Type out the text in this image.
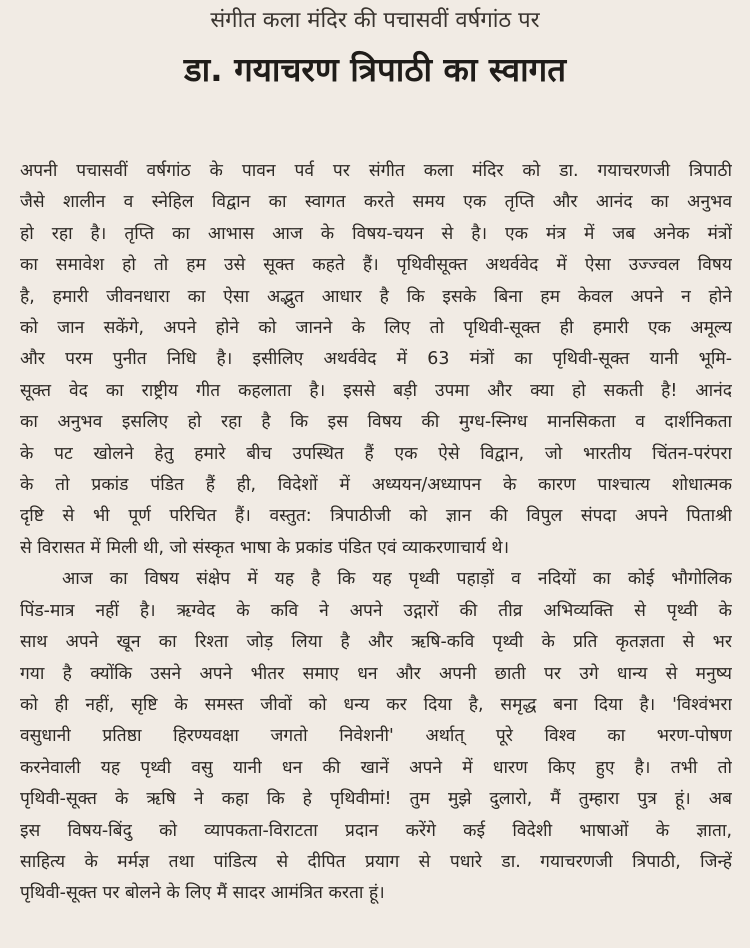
संगीत कला मंदिर की पचासवीं वर्षगांठ पर
डा. गयाचरण त्रिपाठी का स्वागत
अपनी पचासवीं वर्षगांठ के पावन पर्व पर संगीत कला मंदिर को डा. गयाचरणजी त्रिपाठी
जैसे शालीन व स्नेहिल विद्वान का स्वागत करते समय एक तृप्ति और आनंद का अनुभव
हो रहा है। तृप्ति का आभास आज के विषय-चयन से है। एक मंत्र में जब अनेक मंत्रों
का समावेश हो तो हम उसे सूक्त कहते हैं। पृथिवीसूक्त अथर्ववेद में ऐसा उज्ज्वल विषय
है, हमारी जीवनधारा का ऐसा अद्भुत आधार है कि इसके बिना हम केवल अपने न होने
को जान सकेंगे, अपने होने को जानने के लिए तो पृथिवी-सूक्त ही हमारी एक अमूल्य
और परम पुनीत निधि है। इसीलिए अथर्ववेद में 63 मंत्रों का पृथिवी-सूक्त यानी भूमि-
सूक्त वेद का राष्ट्रीय गीत कहलाता है। इससे बड़ी उपमा और क्या हो सकती है! आनंद
का अनुभव इसलिए हो रहा है कि इस विषय की मुग्ध-स्निग्ध मानसिकता व दार्शनिकता
के पट खोलने हेतु हमारे बीच उपस्थित हैं एक ऐसे विद्वान, जो भारतीय चिंतन-परंपरा
के तो प्रकांड पंडित हैं ही, विदेशों में अध्ययन/अध्यापन के कारण पाश्चात्य शोधात्मक
दृष्टि से भी पूर्ण परिचित हैं। वस्तुत: त्रिपाठीजी को ज्ञान की विपुल संपदा अपने पिताश्री
से विरासत में मिली थी, जो संस्कृत भाषा के प्रकांड पंडित एवं व्याकरणाचार्य थे।
आज का विषय संक्षेप में यह है कि यह पृथ्वी पहाड़ों व नदियों का कोई भौगोलिक
पिंड-मात्र नहीं है। ऋग्वेद के कवि ने अपने उद्गारों की तीव्र अभिव्यक्ति से पृथ्वी के
साथ अपने खून का रिश्ता जोड़ लिया है और ऋषि-कवि पृथ्वी के प्रति कृतज्ञता से भर
गया है क्योंकि उसने अपने भीतर समाए धन और अपनी छाती पर उगे धान्य से मनुष्य
को ही नहीं, सृष्टि के समस्त जीवों को धन्य कर दिया है, समृद्ध बना दिया है। 'विश्वंभरा
वसुधानी प्रतिष्ठा हिरण्यवक्षा जगतो निवेशनी' अर्थात् पूरे विश्व का भरण-पोषण
करनेवाली यह पृथ्वी वसु यानी धन की खानें अपने में धारण किए हुए है। तभी तो
पृथिवी-सूक्त के ऋषि ने कहा कि हे पृथिवीमां! तुम मुझे दुलारो, मैं तुम्हारा पुत्र हूं। अब
इस विषय-बिंदु को व्यापकता-विराटता प्रदान करेंगे कई विदेशी भाषाओं के ज्ञाता,
साहित्य के मर्मज्ञ तथा पांडित्य से दीपित प्रयाग से पधारे डा. गयाचरणजी त्रिपाठी, जिन्हें
पृथिवी-सूक्त पर बोलने के लिए मैं सादर आमंत्रित करता हूं।
